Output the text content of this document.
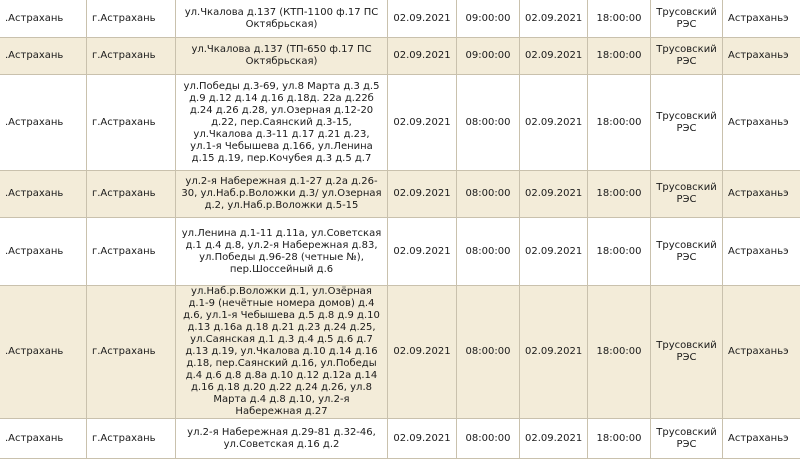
.Астрахань	г.Астрахань	ул.Чкалова д.137 (КТП-1100 ф.17 ПС Октябрьская)	02.09.2021	09:00:00	02.09.2021	18:00:00	Трусовский РЭС	Астраханьэ
.Астрахань	г.Астрахань	ул.Чкалова д.137 (ТП-650 ф.17 ПС Октябрьская)	02.09.2021	09:00:00	02.09.2021	18:00:00	Трусовский РЭС	Астраханьэ
.Астрахань	г.Астрахань	ул.Победы д.3-69, ул.8 Марта д.3 д.5 д.9 д.12 д.14 д.16 д.18д. 22а д.22б д.24 д.26 д.28, ул.Озерная д.12-20 д.22, пер.Саянский д.3-15, ул.Чкалова д.3-11 д.17 д.21 д.23, ул.1-я Чебышева д.166, ул.Ленина д.15 д.19, пер.Кочубея д.3 д.5 д.7	02.09.2021	08:00:00	02.09.2021	18:00:00	Трусовский РЭС	Астраханьэ
.Астрахань	г.Астрахань	ул.2-я Набережная д.1-27 д.2а д.26-30, ул.Наб.р.Воложки д.3/ ул.Озерная д.2, ул.Наб.р.Воложки д.5-15	02.09.2021	08:00:00	02.09.2021	18:00:00	Трусовский РЭС	Астраханьэ
.Астрахань	г.Астрахань	ул.Ленина д.1-11 д.11а, ул.Советская д.1 д.4 д.8, ул.2-я Набережная д.83, ул.Победы д.96-28 (четные №), пер.Шоссейный д.6	02.09.2021	08:00:00	02.09.2021	18:00:00	Трусовский РЭС	Астраханьэ
.Астрахань	г.Астрахань	ул.Наб.р.Воложки д.1, ул.Озёрная д.1-9 (нечётные номера домов) д.4 д.6, ул.1-я Чебышева д.5 д.8 д.9 д.10 д.13 д.16а д.18 д.21 д.23 д.24 д.25, ул.Саянская д.1 д.3 д.4 д.5 д.6 д.7 д.13 д.19, ул.Чкалова д.10 д.14 д.16 д.18, пер.Саянский д.16, ул.Победы д.4 д.6 д.8 д.8а д.10 д.12 д.12а д.14 д.16 д.18 д.20 д.22 д.24 д.26, ул.8 Марта д.4 д.8 д.10, ул.2-я Набережная д.27	02.09.2021	08:00:00	02.09.2021	18:00:00	Трусовский РЭС	Астраханьэ
.Астрахань	г.Астрахань	ул.2-я Набережная д.29-81 д.32-46, ул.Советская д.16 д.2	02.09.2021	08:00:00	02.09.2021	18:00:00	Трусовский РЭС	Астраханьэ
